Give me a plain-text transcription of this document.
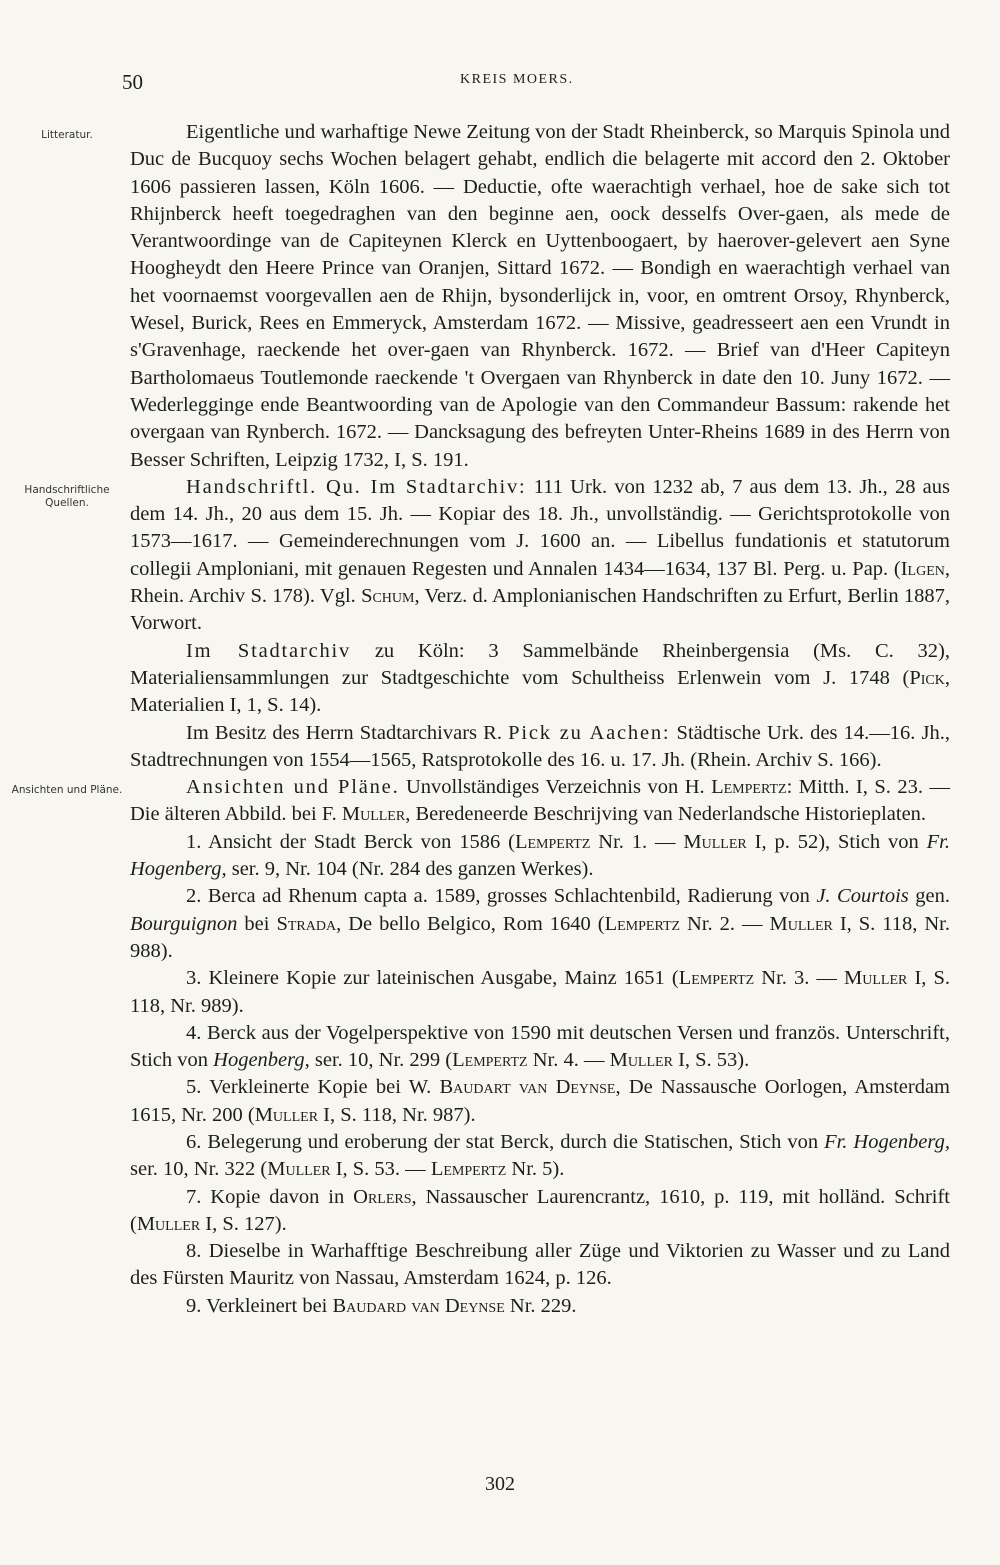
50	KREIS MOERS.
Litteratur.	Eigentliche und warhaftige Newe Zeitung von der Stadt Rheinberck, so Marquis Spinola und Duc de Bucquoy sechs Wochen belagert gehabt, endlich die belagerte mit accord den 2. Oktober 1606 passieren lassen, Köln 1606. — Deductie, ofte waerachtigh verhael, hoe de sake sich tot Rhijnberck heeft toegedraghen van den beginne aen, oock desselfs Over-gaen, als mede de Verantwoordinge van de Capiteynen Klerck en Uyttenboogaert, by haerover-gelevert aen Syne Hoogheydt den Heere Prince van Oranjen, Sittard 1672. — Bondigh en waerachtigh verhael van het voornaemst voorgevallen aen de Rhijn, bysonderlijck in, voor, en omtrent Orsoy, Rhynberck, Wesel, Burick, Rees en Emmeryck, Amsterdam 1672. — Missive, geadresseert aen een Vrundt in s'Gravenhage, raeckende het over-gaen van Rhynberck. 1672. — Brief van d'Heer Capiteyn Bartholomaeus Toutlemonde raeckende 't Overgaen van Rhynberck in date den 10. Juny 1672. — Wederlegginge ende Beantwoording van de Apologie van den Commandeur Bassum: rakende het overgaan van Rynberch. 1672. — Dancksagung des befreyten Unter-Rheins 1689 in des Herrn von Besser Schriften, Leipzig 1732, I, S. 191.

Handschriftliche Quellen.

Handschriftl. Qu. Im Stadtarchiv: 111 Urk. von 1232 ab, 7 aus dem 13. Jh., 28 aus dem 14. Jh., 20 aus dem 15. Jh. — Kopiar des 18. Jh., unvollständig. — Gerichtsprotokolle von 1573—1617. — Gemeinderechnungen vom J. 1600 an. — Libellus fundationis et statutorum collegii Amploniani, mit genauen Regesten und Annalen 1434—1634, 137 Bl. Perg. u. Pap. (Ilgen, Rhein. Archiv S. 178). Vgl. Schum, Verz. d. Amplonianischen Handschriften zu Erfurt, Berlin 1887, Vorwort.

Im Stadtarchiv zu Köln: 3 Sammelbände Rheinbergensia (Ms. C. 32), Materialiensammlungen zur Stadtgeschichte vom Schultheiss Erlenwein vom J. 1748 (Pick, Materialien I, 1, S. 14).

Im Besitz des Herrn Stadtarchivars R. Pick zu Aachen: Städtische Urk. des 14.—16. Jh., Stadtrechnungen von 1554—1565, Ratsprotokolle des 16. u. 17. Jh. (Rhein. Archiv S. 166).

Ansichten und Pläne.	Ansichten und Pläne. Unvollständiges Verzeichnis von H. Lempertz: Mitth. I, S. 23. — Die älteren Abbild. bei F. Muller, Beredeneerde Beschrijving van Nederlandsche Historieplaten.

1. Ansicht der Stadt Berck von 1586 (Lempertz Nr. 1. — Muller I, p. 52), Stich von Fr. Hogenberg, ser. 9, Nr. 104 (Nr. 284 des ganzen Werkes).

2. Berca ad Rhenum capta a. 1589, grosses Schlachtenbild, Radierung von J. Courtois gen. Bourguignon bei Strada, De bello Belgico, Rom 1640 (Lempertz Nr. 2. — Muller I, S. 118, Nr. 988).

3. Kleinere Kopie zur lateinischen Ausgabe, Mainz 1651 (Lempertz Nr. 3. — Muller I, S. 118, Nr. 989).

4. Berck aus der Vogelperspektive von 1590 mit deutschen Versen und französ. Unterschrift, Stich von Hogenberg, ser. 10, Nr. 299 (Lempertz Nr. 4. — Muller I, S. 53).

5. Verkleinerte Kopie bei W. Baudart van Deynse, De Nassausche Oorlogen, Amsterdam 1615, Nr. 200 (Muller I, S. 118, Nr. 987).

6. Belegerung und eroberung der stat Berck, durch die Statischen, Stich von Fr. Hogenberg, ser. 10, Nr. 322 (Muller I, S. 53. — Lempertz Nr. 5).

7. Kopie davon in Orlers, Nassauscher Laurencrantz, 1610, p. 119, mit holländ. Schrift (Muller I, S. 127).

8. Dieselbe in Warhafftige Beschreibung aller Züge und Viktorien zu Wasser und zu Land des Fürsten Mauritz von Nassau, Amsterdam 1624, p. 126.

9. Verkleinert bei Baudard van Deynse Nr. 229.

302
